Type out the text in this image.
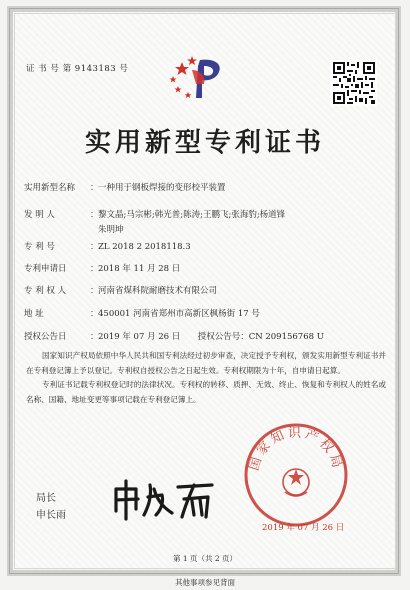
证 书 号 第 9143183 号
实用新型专利证书
实用新型名称 ：一种用于钢板焊接的变形校平装置
发 明 人	：黎文晶;马宗彬;韩光普;陈涛;王鹏飞;张海豹;杨道锋
朱明坤
专 利 号	：ZL 2018 2 2018118.3
专利申请日	：2018 年 11 月 28 日
专 利 权 人	：河南省煤科院耐磨技术有限公司
地 址	：450001 河南省郑州市高新区枫杨街 17 号
授权公告日	：2019 年 07 月 26 日 授权公告号：CN 209156768 U

国家知识产权局依照中华人民共和国专利法经过初步审查，决定授予专利权，颁发实用新型专利证书并在专利登记簿上予以登记。专利权自授权公告之日起生效。专利权期限为十年，自申请日起算。

专利证书记载专利权登记时的法律状况。专利权的转移、质押、无效、终止、恢复和专利权人的姓名或名称、国籍、地址变更等事项记载在专利登记簿上。

局长
申长雨
国家知识产权局
2019 年 07 月 26 日
第 1 页（共 2 页）
其他事项参见背面
